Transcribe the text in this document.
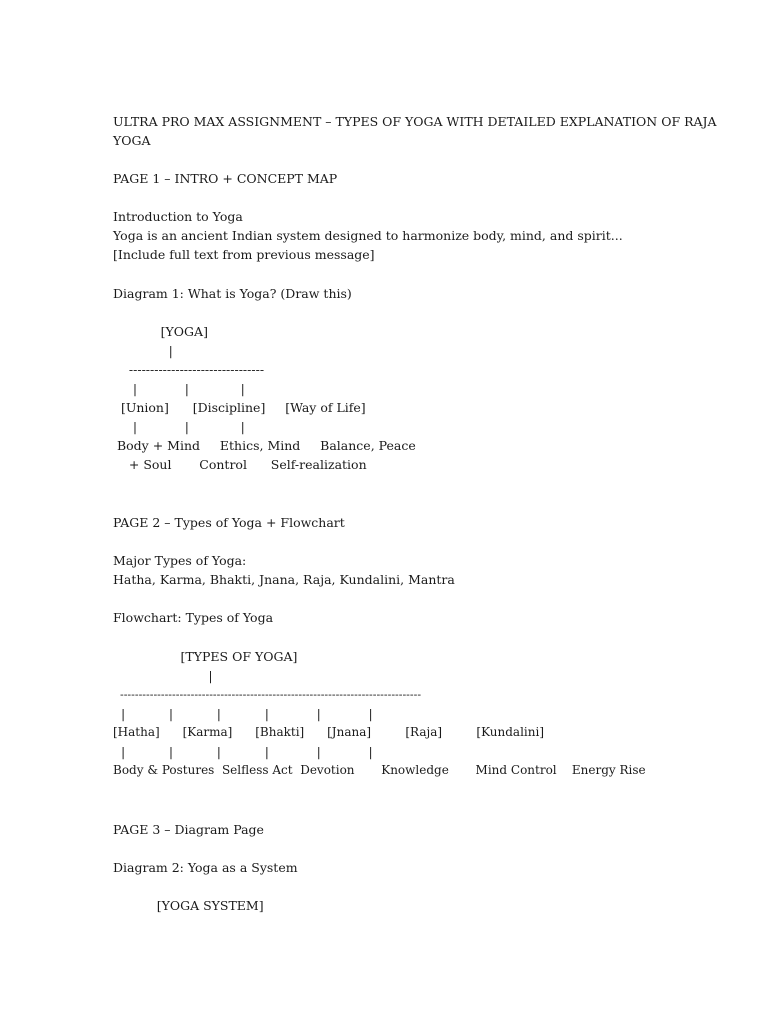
ULTRA PRO MAX ASSIGNMENT – TYPES OF YOGA WITH DETAILED EXPLANATION OF RAJA

YOGA

PAGE 1 – INTRO + CONCEPT MAP

Introduction to Yoga

Yoga is an ancient Indian system designed to harmonize body, mind, and spirit...

[Include full text from previous message]

Diagram 1: What is Yoga? (Draw this)

[YOGA]

|

--------------------------------

|            |             |

[Union]      [Discipline]     [Way of Life]

|            |             |

Body + Mind     Ethics, Mind     Balance, Peace

+ Soul       Control      Self-realization

PAGE 2 – Types of Yoga + Flowchart

Major Types of Yoga:

Hatha, Karma, Bhakti, Jnana, Raja, Kundalini, Mantra

Flowchart: Types of Yoga

[TYPES OF YOGA]

|

---------------------------------------------------------------------------------

|           |           |           |            |            |

[Hatha]      [Karma]      [Bhakti]      [Jnana]         [Raja]         [Kundalini]

|           |           |           |            |            |

Body & Postures  Selfless Act  Devotion       Knowledge       Mind Control    Energy Rise

PAGE 3 – Diagram Page

Diagram 2: Yoga as a System

[YOGA SYSTEM]
